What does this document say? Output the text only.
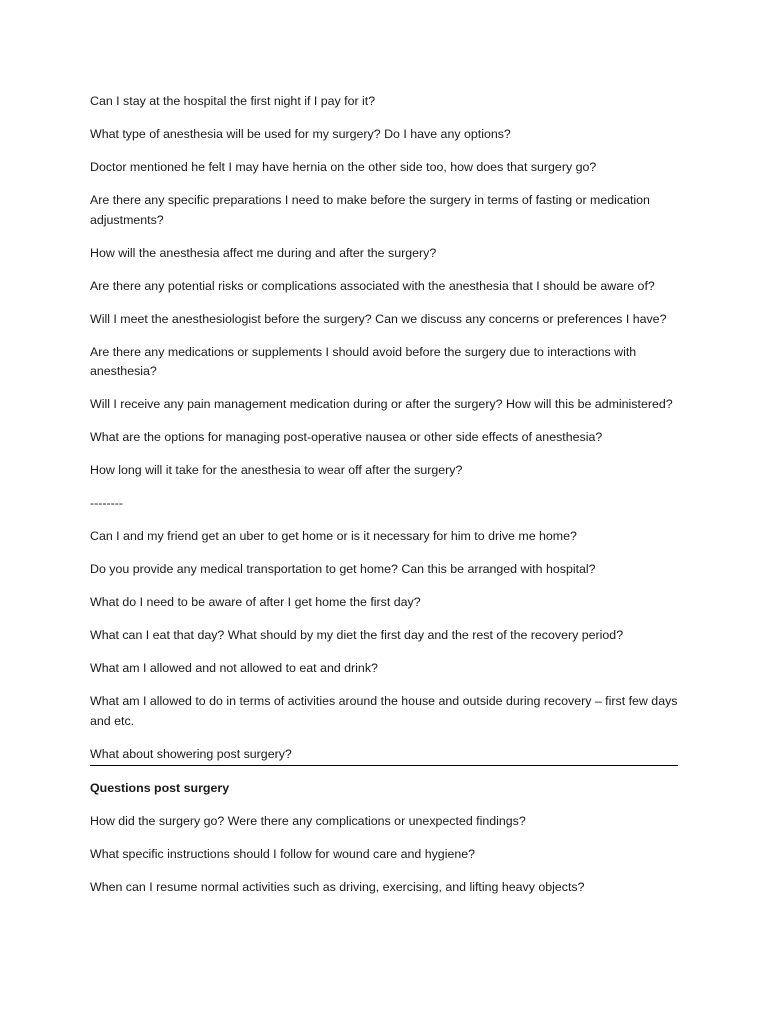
Can I stay at the hospital the first night if I pay for it?

What type of anesthesia will be used for my surgery? Do I have any options?

Doctor mentioned he felt I may have hernia on the other side too, how does that surgery go?

Are there any specific preparations I need to make before the surgery in terms of fasting or medication adjustments?

How will the anesthesia affect me during and after the surgery?

Are there any potential risks or complications associated with the anesthesia that I should be aware of?

Will I meet the anesthesiologist before the surgery? Can we discuss any concerns or preferences I have?

Are there any medications or supplements I should avoid before the surgery due to interactions with anesthesia?

Will I receive any pain management medication during or after the surgery? How will this be administered?

What are the options for managing post-operative nausea or other side effects of anesthesia?

How long will it take for the anesthesia to wear off after the surgery?

--------

Can I and my friend get an uber to get home or is it necessary for him to drive me home?

Do you provide any medical transportation to get home? Can this be arranged with hospital?

What do I need to be aware of after I get home the first day?

What can I eat that day? What should by my diet the first day and the rest of the recovery period?

What am I allowed and not allowed to eat and drink?

What am I allowed to do in terms of activities around the house and outside during recovery – first few days and etc.

What about showering post surgery?

Questions post surgery

How did the surgery go? Were there any complications or unexpected findings?

What specific instructions should I follow for wound care and hygiene?

When can I resume normal activities such as driving, exercising, and lifting heavy objects?
